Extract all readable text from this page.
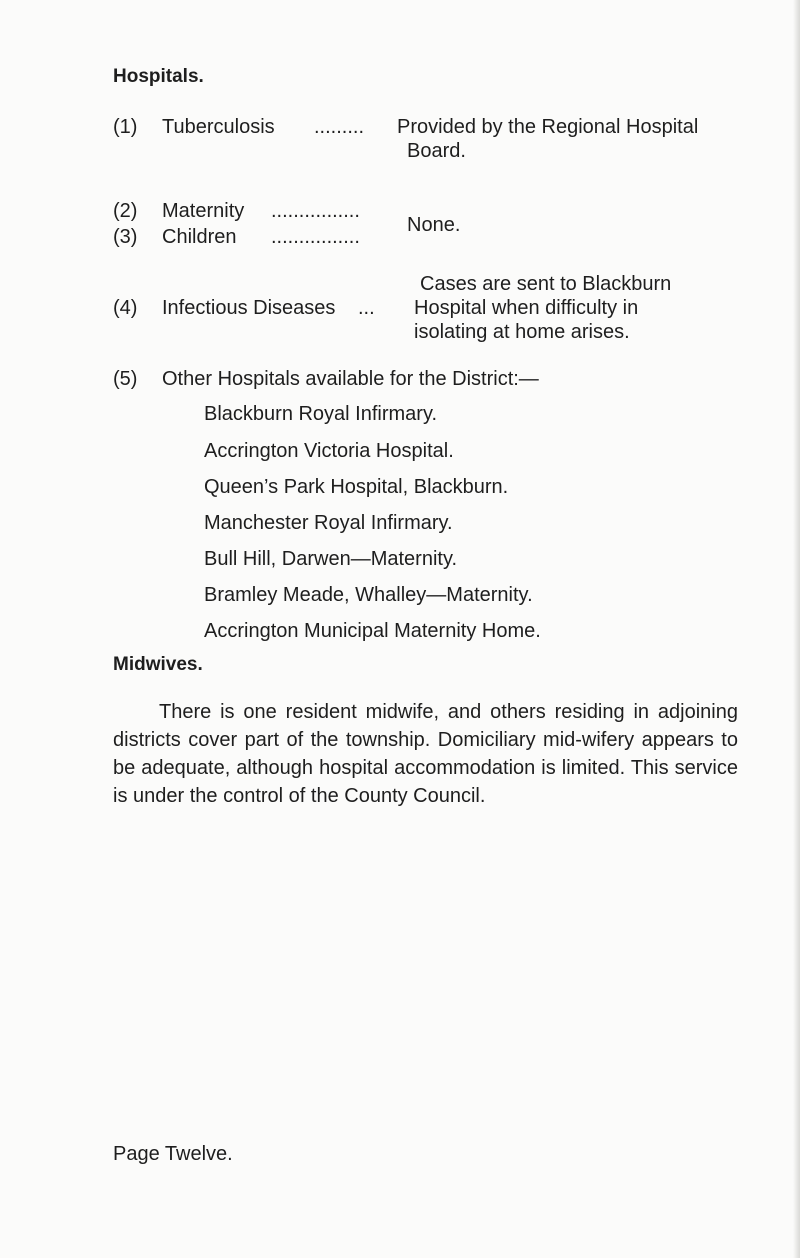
Hospitals.
(1) Tuberculosis ......... Provided by the Regional Hospital
Board.
(2) Maternity ................
(3) Children ................
None.
Cases are sent to Blackburn
(4) Infectious Diseases ... Hospital when difficulty in
isolating at home arises.
(5) Other Hospitals available for the District:—
Blackburn Royal Infirmary.
Accrington Victoria Hospital.
Queen’s Park Hospital, Blackburn.
Manchester Royal Infirmary.
Bull Hill, Darwen—Maternity.
Bramley Meade, Whalley—Maternity.
Accrington Municipal Maternity Home.
Midwives.
There is one resident midwife, and others residing in adjoining districts cover part of the township. Domiciliary mid-wifery appears to be adequate, although hospital accommodation is limited. This service is under the control of the County Council.
Page Twelve.
